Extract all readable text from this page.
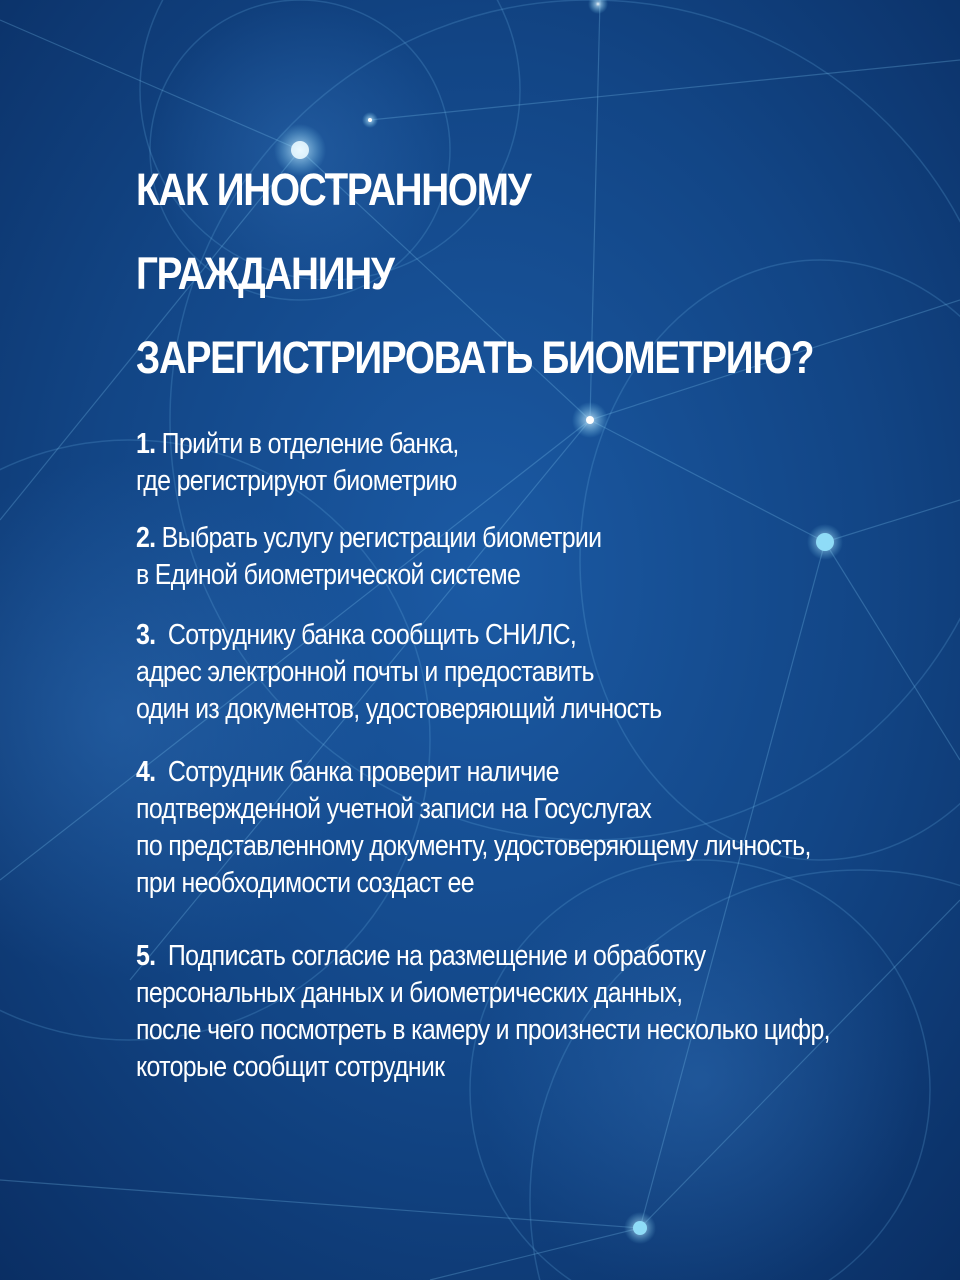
КАК ИНОСТРАННОМУ
ГРАЖДАНИНУ
ЗАРЕГИСТРИРОВАТЬ БИОМЕТРИЮ?
1. Прийти в отделение банка,
где регистрируют биометрию
2. Выбрать услугу регистрации биометрии
в Единой биометрической системе
3. Сотруднику банка сообщить СНИЛС,
адрес электронной почты и предоставить
один из документов, удостоверяющий личность
4. Сотрудник банка проверит наличие
подтвержденной учетной записи на Госуслугах
по представленному документу, удостоверяющему личность,
при необходимости создаст ее
5. Подписать согласие на размещение и обработку
персональных данных и биометрических данных,
после чего посмотреть в камеру и произнести несколько цифр,
которые сообщит сотрудник
